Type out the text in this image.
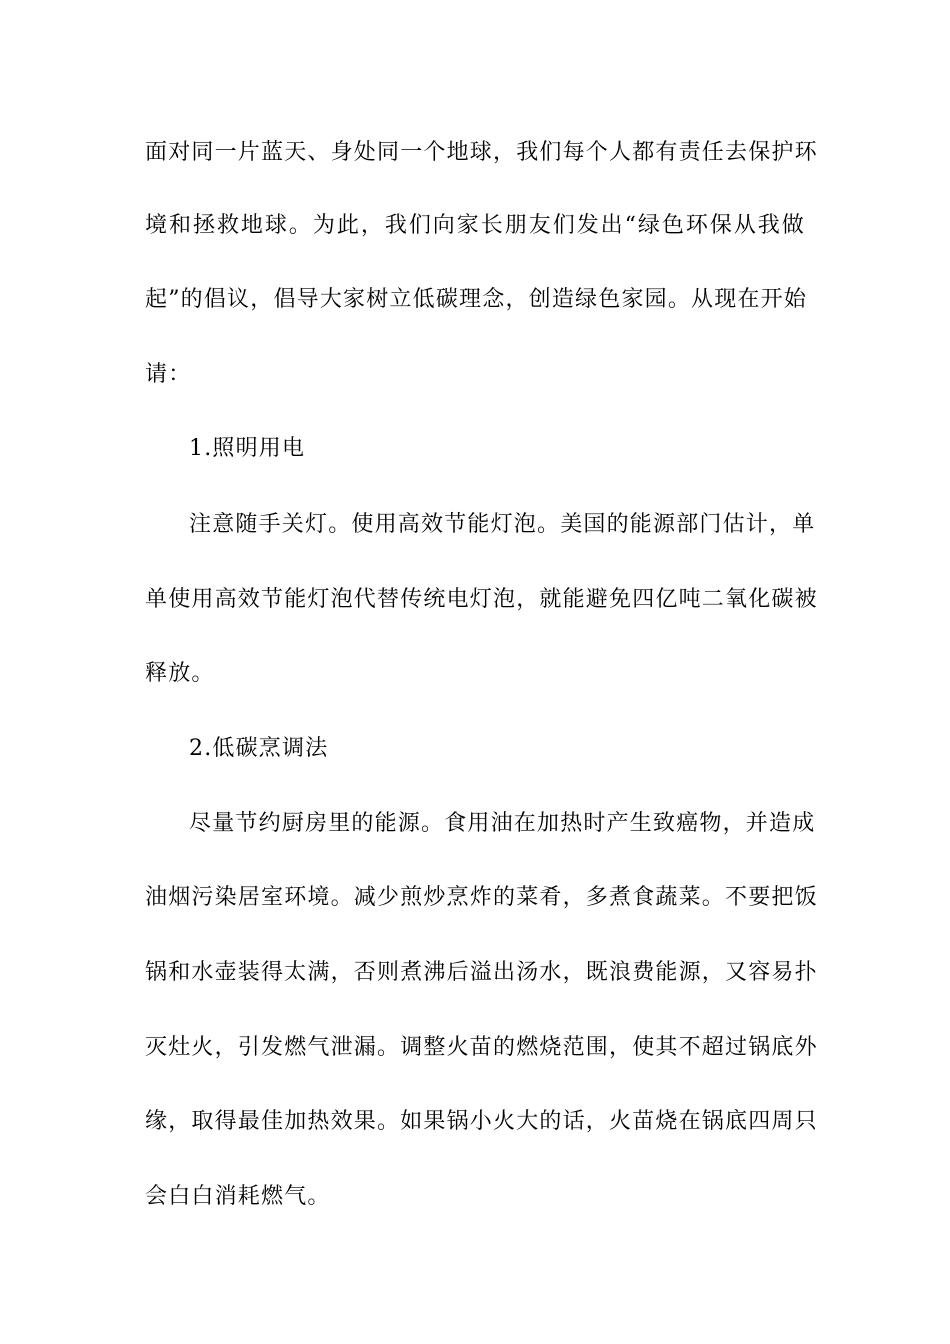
面对同一片蓝天、身处同一个地球，我们每个人都有责任去保护环
境和拯救地球。为此，我们向家长朋友们发出“绿色环保从我做
起”的倡议，倡导大家树立低碳理念，创造绿色家园。从现在开始
请：
1.照明用电
注意随手关灯。使用高效节能灯泡。美国的能源部门估计，单
单使用高效节能灯泡代替传统电灯泡，就能避免四亿吨二氧化碳被
释放。
2.低碳烹调法
尽量节约厨房里的能源。食用油在加热时产生致癌物，并造成
油烟污染居室环境。减少煎炒烹炸的菜肴，多煮食蔬菜。不要把饭
锅和水壶装得太满，否则煮沸后溢出汤水，既浪费能源，又容易扑
灭灶火，引发燃气泄漏。调整火苗的燃烧范围，使其不超过锅底外
缘，取得最佳加热效果。如果锅小火大的话，火苗烧在锅底四周只
会白白消耗燃气。
